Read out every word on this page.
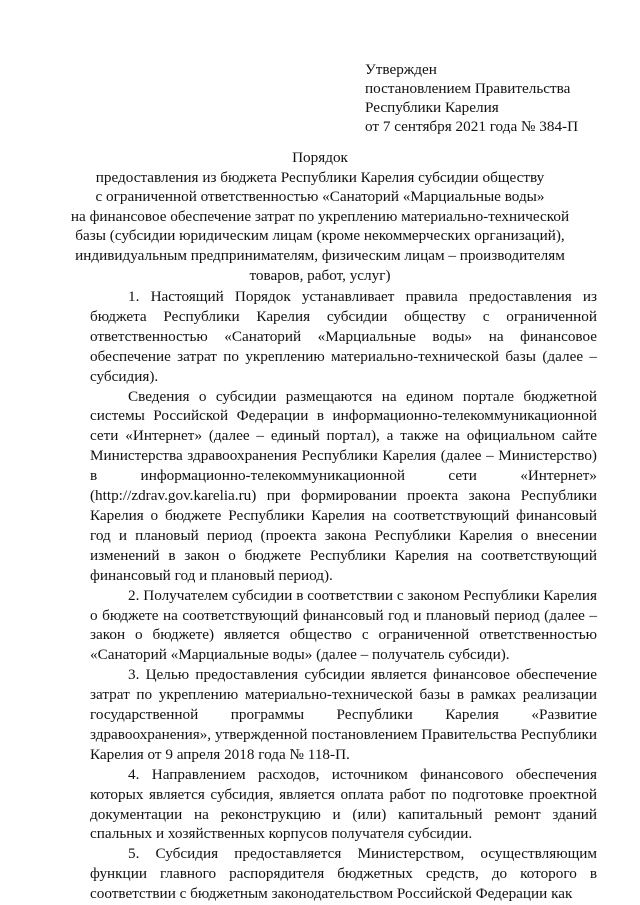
Утвержден
постановлением Правительства
Республики Карелия
от 7 сентября 2021 года № 384-П
Порядок
предоставления из бюджета Республики Карелия субсидии обществу
с ограниченной ответственностью «Санаторий «Марциальные воды»
на финансовое обеспечение затрат по укреплению материально-технической
базы (субсидии юридическим лицам (кроме некоммерческих организаций),
индивидуальным предпринимателям, физическим лицам – производителям
товаров, работ, услуг)

1. Настоящий Порядок устанавливает правила предоставления из бюджета Республики Карелия субсидии обществу с ограниченной ответственностью «Санаторий «Марциальные воды» на финансовое обеспечение затрат по укреплению материально-технической базы (далее – субсидия).

Сведения о субсидии размещаются на едином портале бюджетной системы Российской Федерации в информационно-телекоммуникационной сети «Интернет» (далее – единый портал), а также на официальном сайте Министерства здравоохранения Республики Карелия (далее – Министерство) в информационно-телекоммуникационной сети «Интернет» (http://zdrav.gov.karelia.ru) при формировании проекта закона Республики Карелия о бюджете Республики Карелия на соответствующий финансовый год и плановый период (проекта закона Республики Карелия о внесении изменений в закон о бюджете Республики Карелия на соответствующий финансовый год и плановый период).

2. Получателем субсидии в соответствии с законом Республики Карелия о бюджете на соответствующий финансовый год и плановый период (далее – закон о бюджете) является общество с ограниченной ответственностью «Санаторий «Марциальные воды» (далее – получатель субсиди).

3. Целью предоставления субсидии является финансовое обеспечение затрат по укреплению материально-технической базы в рамках реализации государственной программы Республики Карелия «Развитие здравоохранения», утвержденной постановлением Правительства Республики Карелия от 9 апреля 2018 года № 118-П.

4. Направлением расходов, источником финансового обеспечения которых является субсидия, является оплата работ по подготовке проектной документации на реконструкцию и (или) капитальный ремонт зданий спальных и хозяйственных корпусов получателя субсидии.

5. Субсидия предоставляется Министерством, осуществляющим функции главного распорядителя бюджетных средств, до которого в соответствии с бюджетным законодательством Российской Федерации как
